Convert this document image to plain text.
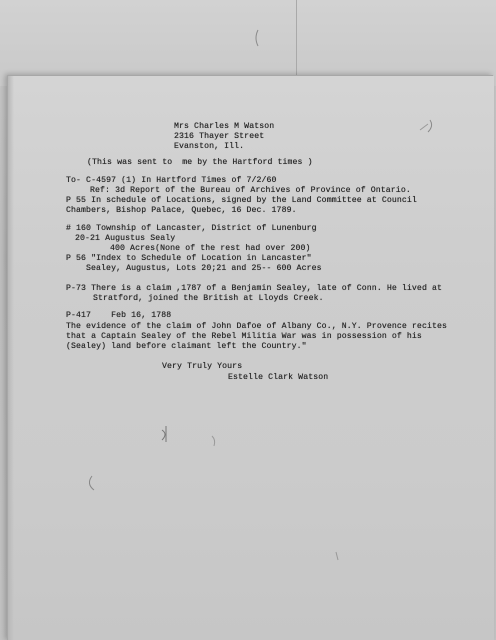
Mrs Charles M Watson
2316 Thayer Street
Evanston, Ill.
(This was sent to  me by the Hartford times )
To- C-4597 (1) In Hartford Times of 7/2/60
Ref: 3d Report of the Bureau of Archives of Province of Ontario.
P 55 In schedule of Locations, signed by the Land Committee at Council
Chambers, Bishop Palace, Quebec, 16 Dec. 1789.
# 160 Township of Lancaster, District of Lunenburg
20-21 Augustus Sealy
400 Acres(None of the rest had over 200)
P 56 "Index to Schedule of Location in Lancaster"
Sealey, Augustus, Lots 20;21 and 25-- 600 Acres
P-73 There is a claim ,1787 of a Benjamin Sealey, late of Conn. He lived at
Stratford, joined the British at Lloyds Creek.
P-417    Feb 16, 1788
The evidence of the claim of John Dafoe of Albany Co., N.Y. Provence recites
that a Captain Sealey of the Rebel Militia War was in possession of his
(Sealey) land before claimant left the Country."
Very Truly Yours
Estelle Clark Watson
